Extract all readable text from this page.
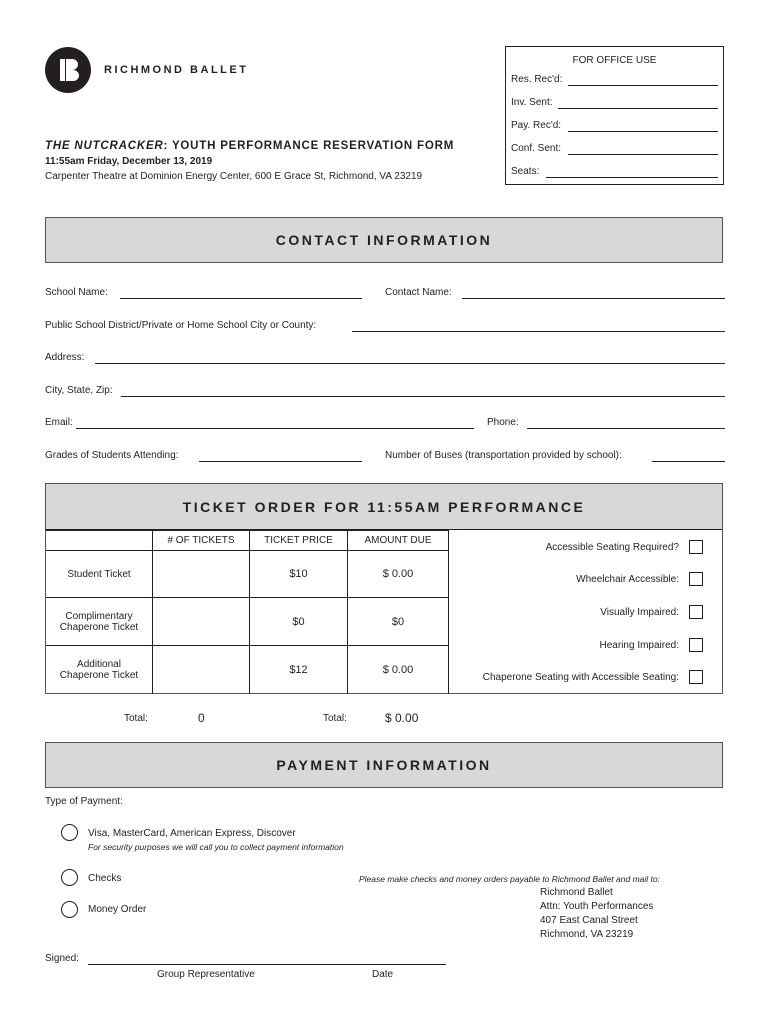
RICHMOND BALLET
THE NUTCRACKER: YOUTH PERFORMANCE RESERVATION FORM
11:55am Friday, December 13, 2019
Carpenter Theatre at Dominion Energy Center, 600 E Grace St, Richmond, VA 23219
FOR OFFICE USE
Res. Rec'd:
Inv. Sent:
Pay. Rec'd:
Conf. Sent:
Seats:
CONTACT INFORMATION
School Name:	Contact Name:
Public School District/Private or Home School City or County:
Address:
City, State, Zip:
Email:	Phone:
Grades of Students Attending:	Number of Buses (transportation provided by school):
TICKET ORDER FOR 11:55AM PERFORMANCE
	# OF TICKETS	TICKET PRICE	AMOUNT DUE
Student Ticket		$10	$ 0.00
Complimentary Chaperone Ticket		$0	$0
Additional Chaperone Ticket		$12	$ 0.00
Accessible Seating Required?
Wheelchair Accessible:
Visually Impaired:
Hearing Impaired:
Chaperone Seating with Accessible Seating:
Total:	0	Total:	$ 0.00
PAYMENT INFORMATION
Type of Payment:
Visa, MasterCard, American Express, Discover
For security purposes we will call you to collect payment information
Checks
Money Order
Please make checks and money orders payable to Richmond Ballet and mail to:
Richmond Ballet
Attn: Youth Performances
407 East Canal Street
Richmond, VA 23219
Signed:
Group Representative	Date
